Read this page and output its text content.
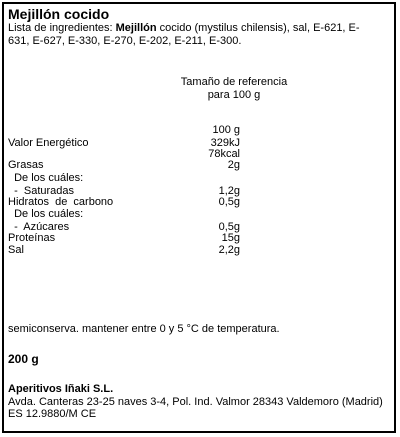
Mejillón cocido
Lista de ingredientes: Mejillón cocido (mystilus chilensis), sal, E-621, E-631, E-627, E-330, E-270, E-202, E-211, E-300.
Tamaño de referencia
para 100 g
100 g
Valor Energético	329kJ
78kcal
Grasas	2g
De los cuáles:
-  Saturadas	1,2g
Hidratos  de  carbono	0,5g
De los cuáles:
-  Azúcares	0,5g
Proteínas	15g
Sal	2,2g
semiconserva. mantener entre 0 y 5 °C de temperatura.
200 g
Aperitivos Iñaki S.L.
Avda. Canteras 23-25 naves 3-4, Pol. Ind. Valmor 28343 Valdemoro (Madrid)
ES 12.9880/M CE
